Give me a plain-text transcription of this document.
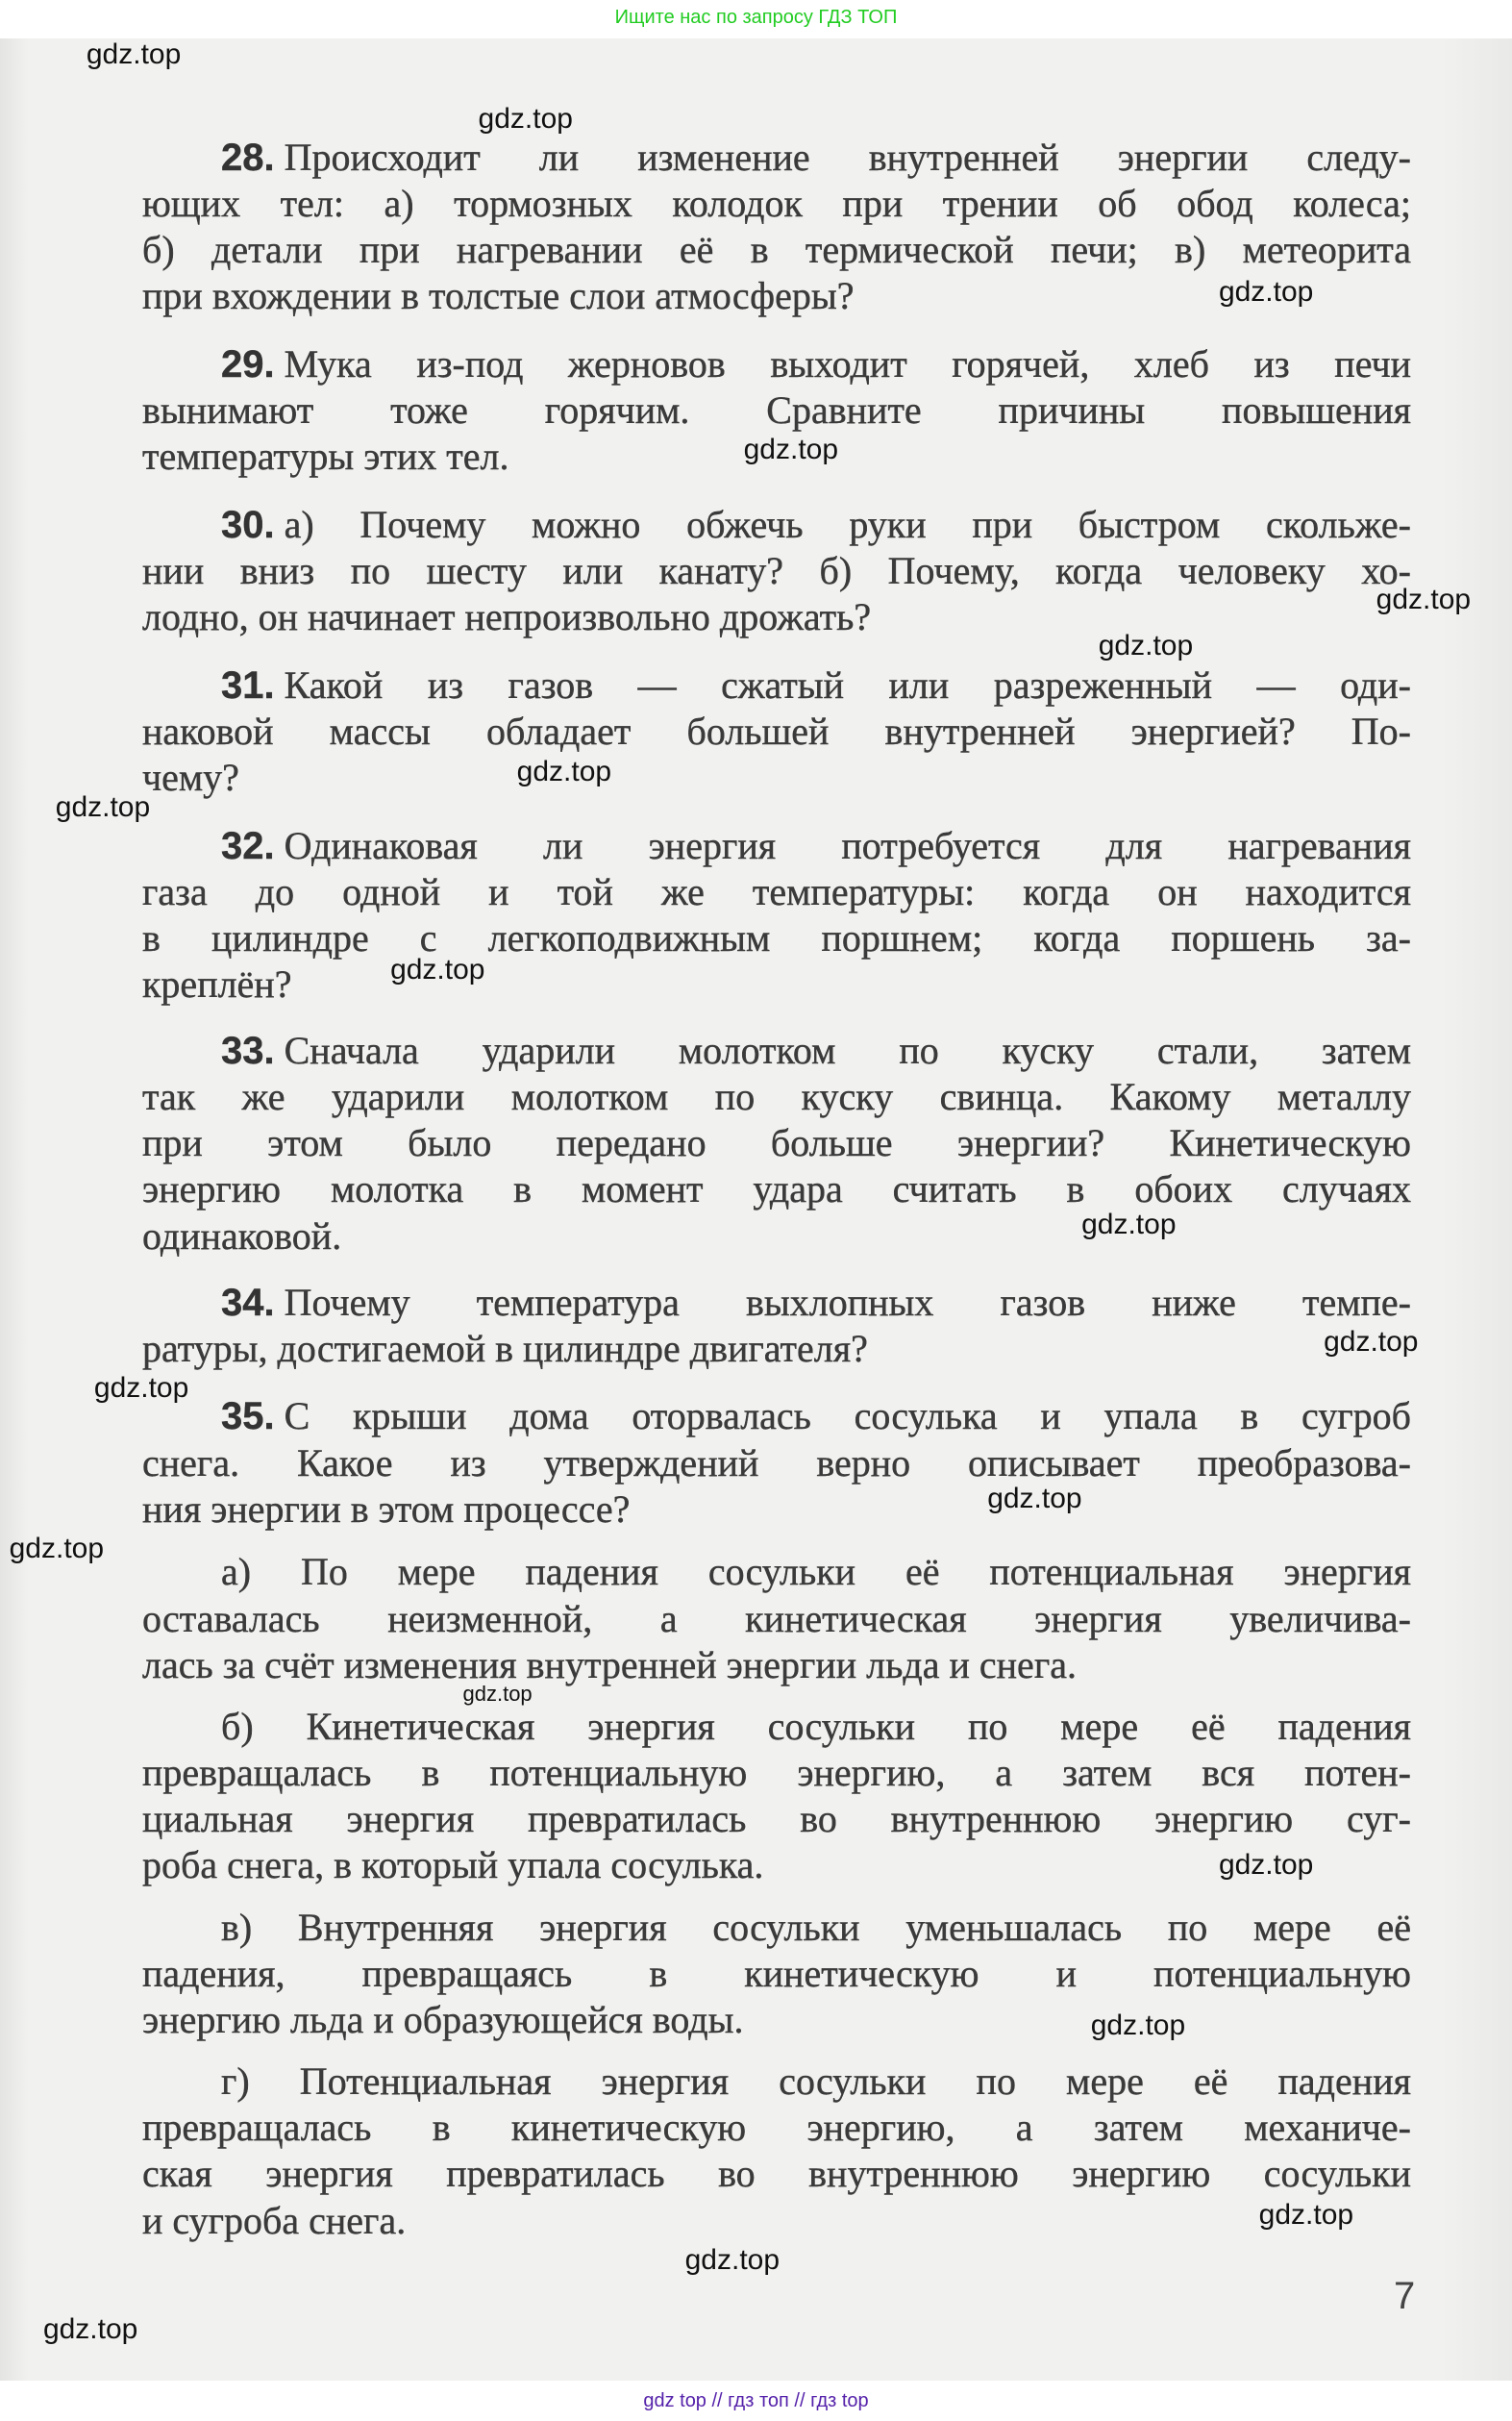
Ищите нас по запросу ГДЗ ТОП
28. Происходит ли изменение внутренней энергии следу-
ющих тел: а) тормозных колодок при трении об обод колеса;
б) детали при нагревании её в термической печи; в) метеорита
при вхождении в толстые слои атмосферы?
29. Мука из-под жерновов выходит горячей, хлеб из печи
вынимают тоже горячим. Сравните причины повышения
температуры этих тел.
30. а) Почему можно обжечь руки при быстром скольже-
нии вниз по шесту или канату? б) Почему, когда человеку хо-
лодно, он начинает непроизвольно дрожать?
31. Какой из газов — сжатый или разреженный — оди-
наковой массы обладает большей внутренней энергией? По-
чему?
32. Одинаковая ли энергия потребуется для нагревания
газа до одной и той же температуры: когда он находится
в цилиндре с легкоподвижным поршнем; когда поршень за-
креплён?
33. Сначала ударили молотком по куску стали, затем
так же ударили молотком по куску свинца. Какому металлу
при этом было передано больше энергии? Кинетическую
энергию молотка в момент удара считать в обоих случаях
одинаковой.
34. Почему температура выхлопных газов ниже темпе-
ратуры, достигаемой в цилиндре двигателя?
35. С крыши дома оторвалась сосулька и упала в сугроб
снега. Какое из утверждений верно описывает преобразова-
ния энергии в этом процессе?
а) По мере падения сосульки её потенциальная энергия
оставалась неизменной, а кинетическая энергия увеличива-
лась за счёт изменения внутренней энергии льда и снега.
б) Кинетическая энергия сосульки по мере её падения
превращалась в потенциальную энергию, а затем вся потен-
циальная энергия превратилась во внутреннюю энергию суг-
роба снега, в который упала сосулька.
в) Внутренняя энергия сосульки уменьшалась по мере её
падения, превращаясь в кинетическую и потенциальную
энергию льда и образующейся воды.
г) Потенциальная энергия сосульки по мере её падения
превращалась в кинетическую энергию, а затем механиче-
ская энергия превратилась во внутреннюю энергию сосульки
и сугроба снега.
gdz.top
gdz.top
gdz.top
gdz.top
gdz.top
gdz.top
gdz.top
gdz.top
gdz.top
gdz.top
gdz.top
gdz.top
gdz.top
gdz.top
gdz.top
gdz.top
gdz.top
gdz.top
gdz.top
gdz.top
7
gdz top // гдз топ // гдз top
